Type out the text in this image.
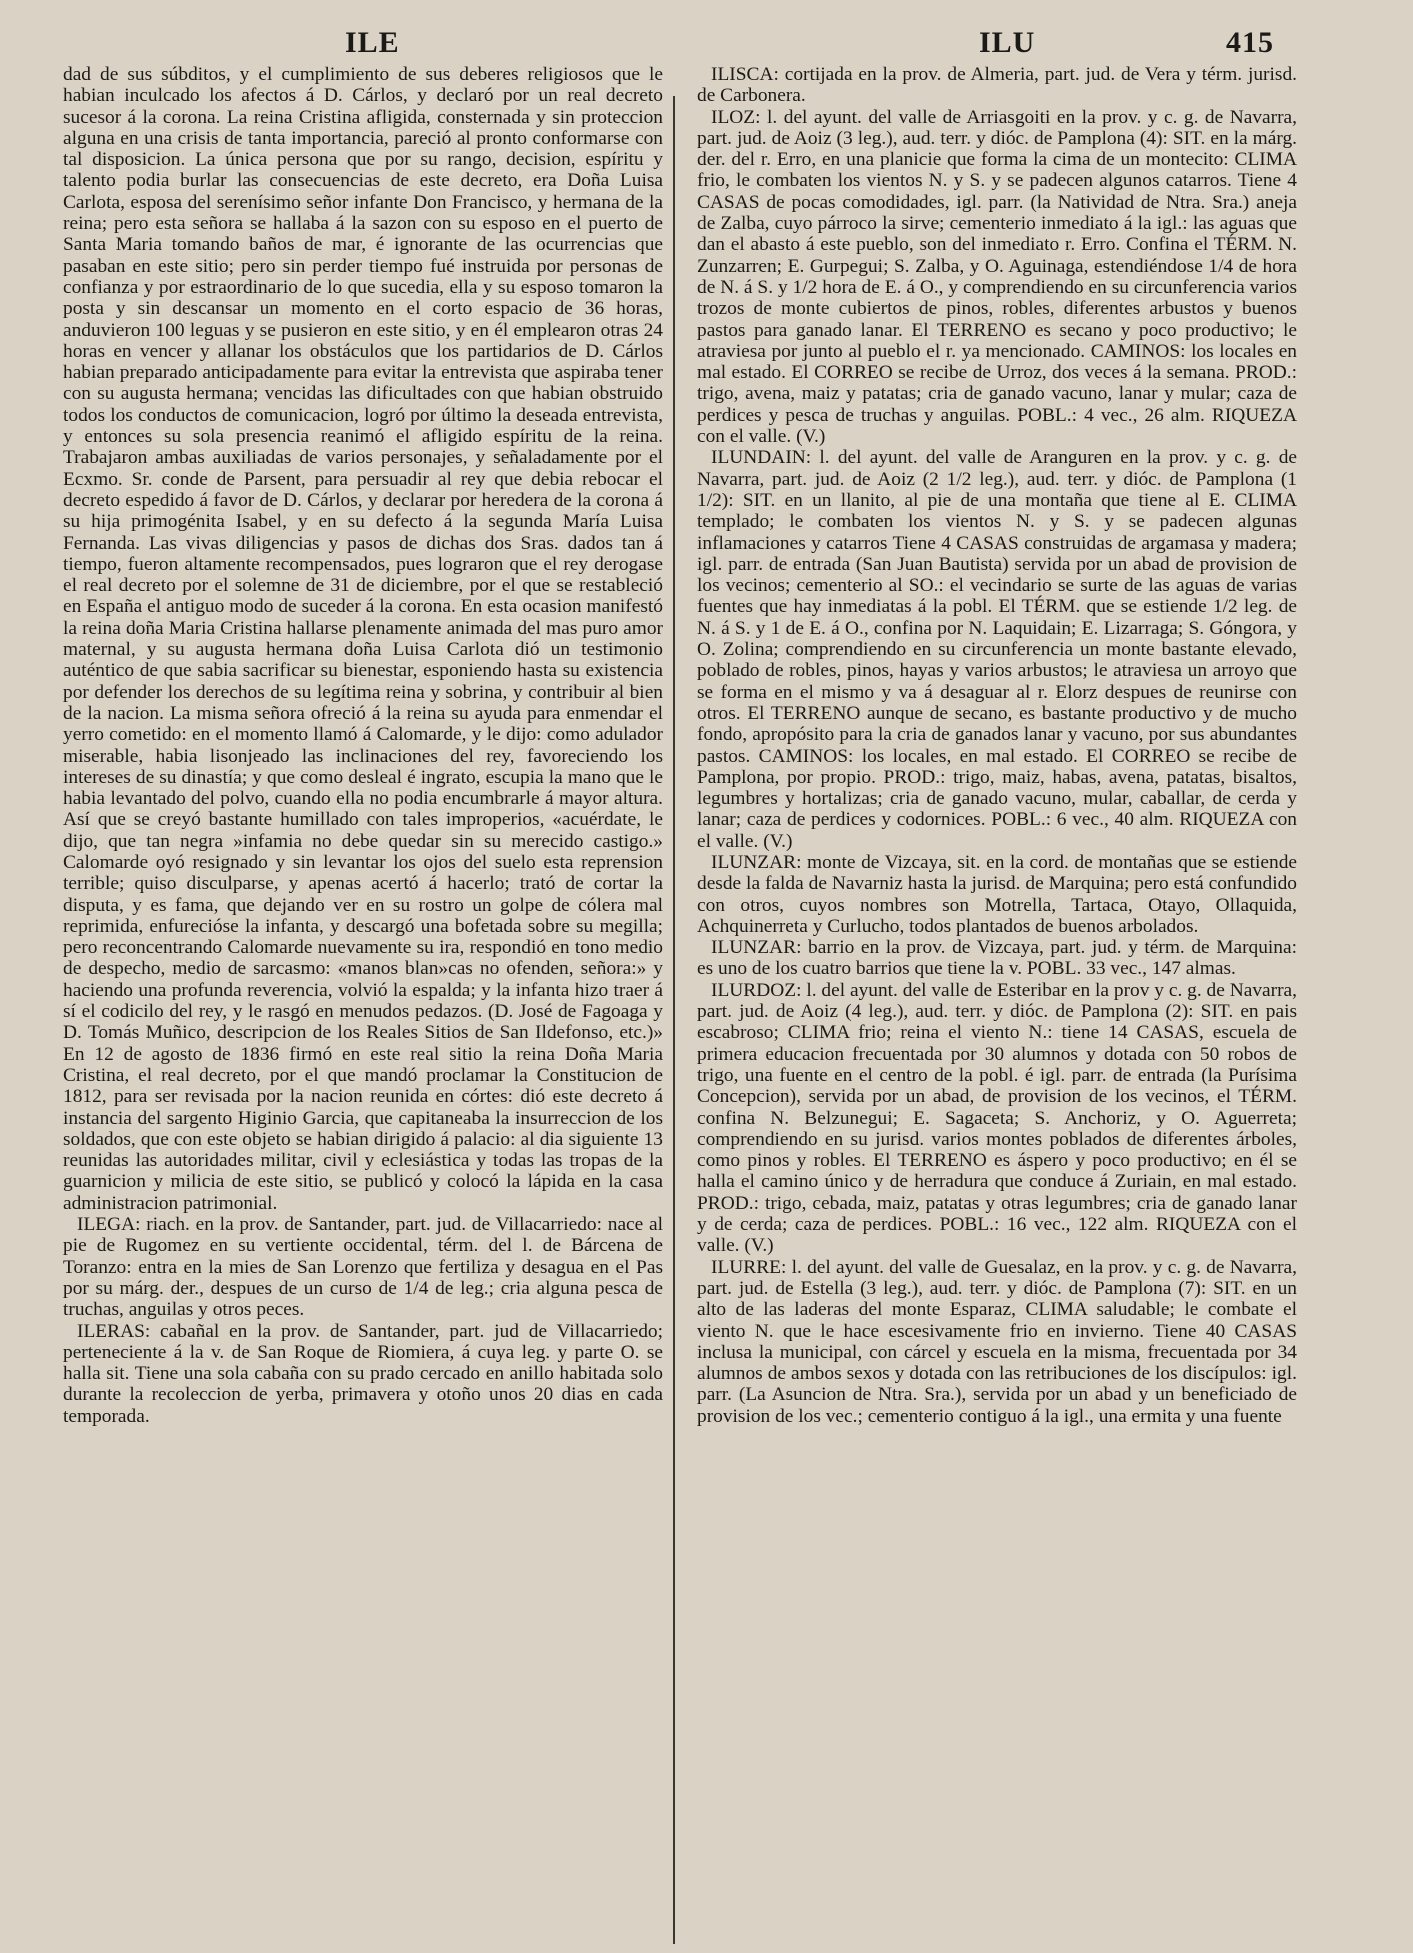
ILE	ILU	415

dad de sus súbditos, y el cumplimiento de sus deberes religiosos que le habian inculcado los afectos á D. Cárlos, y declaró por un real decreto sucesor á la corona. La reina Cristina afligida, consternada y sin proteccion alguna en una crisis de tanta importancia, pareció al pronto conformarse con tal disposicion. La única persona que por su rango, decision, espíritu y talento podia burlar las consecuencias de este decreto, era Doña Luisa Carlota, esposa del serenísimo señor infante Don Francisco, y hermana de la reina; pero esta señora se hallaba á la sazon con su esposo en el puerto de Santa Maria tomando baños de mar, é ignorante de las ocurrencias que pasaban en este sitio; pero sin perder tiempo fué instruida por personas de confianza y por estraordinario de lo que sucedia, ella y su esposo tomaron la posta y sin descansar un momento en el corto espacio de 36 horas, anduvieron 100 leguas y se pusieron en este sitio, y en él emplearon otras 24 horas en vencer y allanar los obstáculos que los partidarios de D. Cárlos habian preparado anticipadamente para evitar la entrevista que aspiraba tener con su augusta hermana; vencidas las dificultades con que habian obstruido todos los conductos de comunicacion, logró por último la deseada entrevista, y entonces su sola presencia reanimó el afligido espíritu de la reina. Trabajaron ambas auxiliadas de varios personajes, y señaladamente por el Ecxmo. Sr. conde de Parsent, para persuadir al rey que debia rebocar el decreto espedido á favor de D. Cárlos, y declarar por heredera de la corona á su hija primogénita Isabel, y en su defecto á la segunda María Luisa Fernanda. Las vivas diligencias y pasos de dichas dos Sras. dados tan á tiempo, fueron altamente recompensados, pues lograron que el rey derogase el real decreto por el solemne de 31 de diciembre, por el que se restableció en España el antiguo modo de suceder á la corona. En esta ocasion manifestó la reina doña Maria Cristina hallarse plenamente animada del mas puro amor maternal, y su augusta hermana doña Luisa Carlota dió un testimonio auténtico de que sabia sacrificar su bienestar, esponiendo hasta su existencia por defender los derechos de su legítima reina y sobrina, y contribuir al bien de la nacion. La misma señora ofreció á la reina su ayuda para enmendar el yerro cometido: en el momento llamó á Calomarde, y le dijo: como adulador miserable, habia lisonjeado las inclinaciones del rey, favoreciendo los intereses de su dinastía; y que como desleal é ingrato, escupia la mano que le habia levantado del polvo, cuando ella no podia encumbrarle á mayor altura. Así que se creyó bastante humillado con tales improperios, «acuérdate, le dijo, que tan negra »infamia no debe quedar sin su merecido castigo.» Calomarde oyó resignado y sin levantar los ojos del suelo esta reprension terrible; quiso disculparse, y apenas acertó á hacerlo; trató de cortar la disputa, y es fama, que dejando ver en su rostro un golpe de cólera mal reprimida, enfurecióse la infanta, y descargó una bofetada sobre su megilla; pero reconcentrando Calomarde nuevamente su ira, respondió en tono medio de despecho, medio de sarcasmo: «manos blan»cas no ofenden, señora:» y haciendo una profunda reverencia, volvió la espalda; y la infanta hizo traer á sí el codicilo del rey, y le rasgó en menudos pedazos. (D. José de Fagoaga y D. Tomás Muñico, descripcion de los Reales Sitios de San Ildefonso, etc.)» En 12 de agosto de 1836 firmó en este real sitio la reina Doña Maria Cristina, el real decreto, por el que mandó proclamar la Constitucion de 1812, para ser revisada por la nacion reunida en córtes: dió este decreto á instancia del sargento Higinio Garcia, que capitaneaba la insurreccion de los soldados, que con este objeto se habian dirigido á palacio: al dia siguiente 13 reunidas las autoridades militar, civil y eclesiástica y todas las tropas de la guarnicion y milicia de este sitio, se publicó y colocó la lápida en la casa administracion patrimonial.

ILEGA: riach. en la prov. de Santander, part. jud. de Villacarriedo: nace al pie de Rugomez en su vertiente occidental, térm. del l. de Bárcena de Toranzo: entra en la mies de San Lorenzo que fertiliza y desagua en el Pas por su márg. der., despues de un curso de 1/4 de leg.; cria alguna pesca de truchas, anguilas y otros peces.

ILERAS: cabañal en la prov. de Santander, part. jud de Villacarriedo; perteneciente á la v. de San Roque de Riomiera, á cuya leg. y parte O. se halla sit. Tiene una sola cabaña con su prado cercado en anillo habitada solo durante la recoleccion de yerba, primavera y otoño unos 20 dias en cada temporada.

ILISCA: cortijada en la prov. de Almeria, part. jud. de Vera y térm. jurisd. de Carbonera.

ILOZ: l. del ayunt. del valle de Arriasgoiti en la prov. y c. g. de Navarra, part. jud. de Aoiz (3 leg.), aud. terr. y dióc. de Pamplona (4): SIT. en la márg. der. del r. Erro, en una planicie que forma la cima de un montecito: CLIMA frio, le combaten los vientos N. y S. y se padecen algunos catarros. Tiene 4 CASAS de pocas comodidades, igl. parr. (la Natividad de Ntra. Sra.) aneja de Zalba, cuyo párroco la sirve; cementerio inmediato á la igl.: las aguas que dan el abasto á este pueblo, son del inmediato r. Erro. Confina el TÉRM. N. Zunzarren; E. Gurpegui; S. Zalba, y O. Aguinaga, estendiéndose 1/4 de hora de N. á S. y 1/2 hora de E. á O., y comprendiendo en su circunferencia varios trozos de monte cubiertos de pinos, robles, diferentes arbustos y buenos pastos para ganado lanar. El TERRENO es secano y poco productivo; le atraviesa por junto al pueblo el r. ya mencionado. CAMINOS: los locales en mal estado. El CORREO se recibe de Urroz, dos veces á la semana. PROD.: trigo, avena, maiz y patatas; cria de ganado vacuno, lanar y mular; caza de perdices y pesca de truchas y anguilas. POBL.: 4 vec., 26 alm. RIQUEZA con el valle. (V.)

ILUNDAIN: l. del ayunt. del valle de Aranguren en la prov. y c. g. de Navarra, part. jud. de Aoiz (2 1/2 leg.), aud. terr. y dióc. de Pamplona (1 1/2): SIT. en un llanito, al pie de una montaña que tiene al E. CLIMA templado; le combaten los vientos N. y S. y se padecen algunas inflamaciones y catarros Tiene 4 CASAS construidas de argamasa y madera; igl. parr. de entrada (San Juan Bautista) servida por un abad de provision de los vecinos; cementerio al SO.: el vecindario se surte de las aguas de varias fuentes que hay inmediatas á la pobl. El TÉRM. que se estiende 1/2 leg. de N. á S. y 1 de E. á O., confina por N. Laquidain; E. Lizarraga; S. Góngora, y O. Zolina; comprendiendo en su circunferencia un monte bastante elevado, poblado de robles, pinos, hayas y varios arbustos; le atraviesa un arroyo que se forma en el mismo y va á desaguar al r. Elorz despues de reunirse con otros. El TERRENO aunque de secano, es bastante productivo y de mucho fondo, apropósito para la cria de ganados lanar y vacuno, por sus abundantes pastos. CAMINOS: los locales, en mal estado. El CORREO se recibe de Pamplona, por propio. PROD.: trigo, maiz, habas, avena, patatas, bisaltos, legumbres y hortalizas; cria de ganado vacuno, mular, caballar, de cerda y lanar; caza de perdices y codornices. POBL.: 6 vec., 40 alm. RIQUEZA con el valle. (V.)

ILUNZAR: monte de Vizcaya, sit. en la cord. de montañas que se estiende desde la falda de Navarniz hasta la jurisd. de Marquina; pero está confundido con otros, cuyos nombres son Motrella, Tartaca, Otayo, Ollaquida, Achquinerreta y Curlucho, todos plantados de buenos arbolados.

ILUNZAR: barrio en la prov. de Vizcaya, part. jud. y térm. de Marquina: es uno de los cuatro barrios que tiene la v. POBL. 33 vec., 147 almas.

ILURDOZ: l. del ayunt. del valle de Esteribar en la prov y c. g. de Navarra, part. jud. de Aoiz (4 leg.), aud. terr. y dióc. de Pamplona (2): SIT. en pais escabroso; CLIMA frio; reina el viento N.: tiene 14 CASAS, escuela de primera educacion frecuentada por 30 alumnos y dotada con 50 robos de trigo, una fuente en el centro de la pobl. é igl. parr. de entrada (la Purísima Concepcion), servida por un abad, de provision de los vecinos, el TÉRM. confina N. Belzunegui; E. Sagaceta; S. Anchoriz, y O. Aguerreta; comprendiendo en su jurisd. varios montes poblados de diferentes árboles, como pinos y robles. El TERRENO es áspero y poco productivo; en él se halla el camino único y de herradura que conduce á Zuriain, en mal estado. PROD.: trigo, cebada, maiz, patatas y otras legumbres; cria de ganado lanar y de cerda; caza de perdices. POBL.: 16 vec., 122 alm. RIQUEZA con el valle. (V.)

ILURRE: l. del ayunt. del valle de Guesalaz, en la prov. y c. g. de Navarra, part. jud. de Estella (3 leg.), aud. terr. y dióc. de Pamplona (7): SIT. en un alto de las laderas del monte Esparaz, CLIMA saludable; le combate el viento N. que le hace escesivamente frio en invierno. Tiene 40 CASAS inclusa la municipal, con cárcel y escuela en la misma, frecuentada por 34 alumnos de ambos sexos y dotada con las retribuciones de los discípulos: igl. parr. (La Asuncion de Ntra. Sra.), servida por un abad y un beneficiado de provision de los vec.; cementerio contiguo á la igl., una ermita y una fuente
